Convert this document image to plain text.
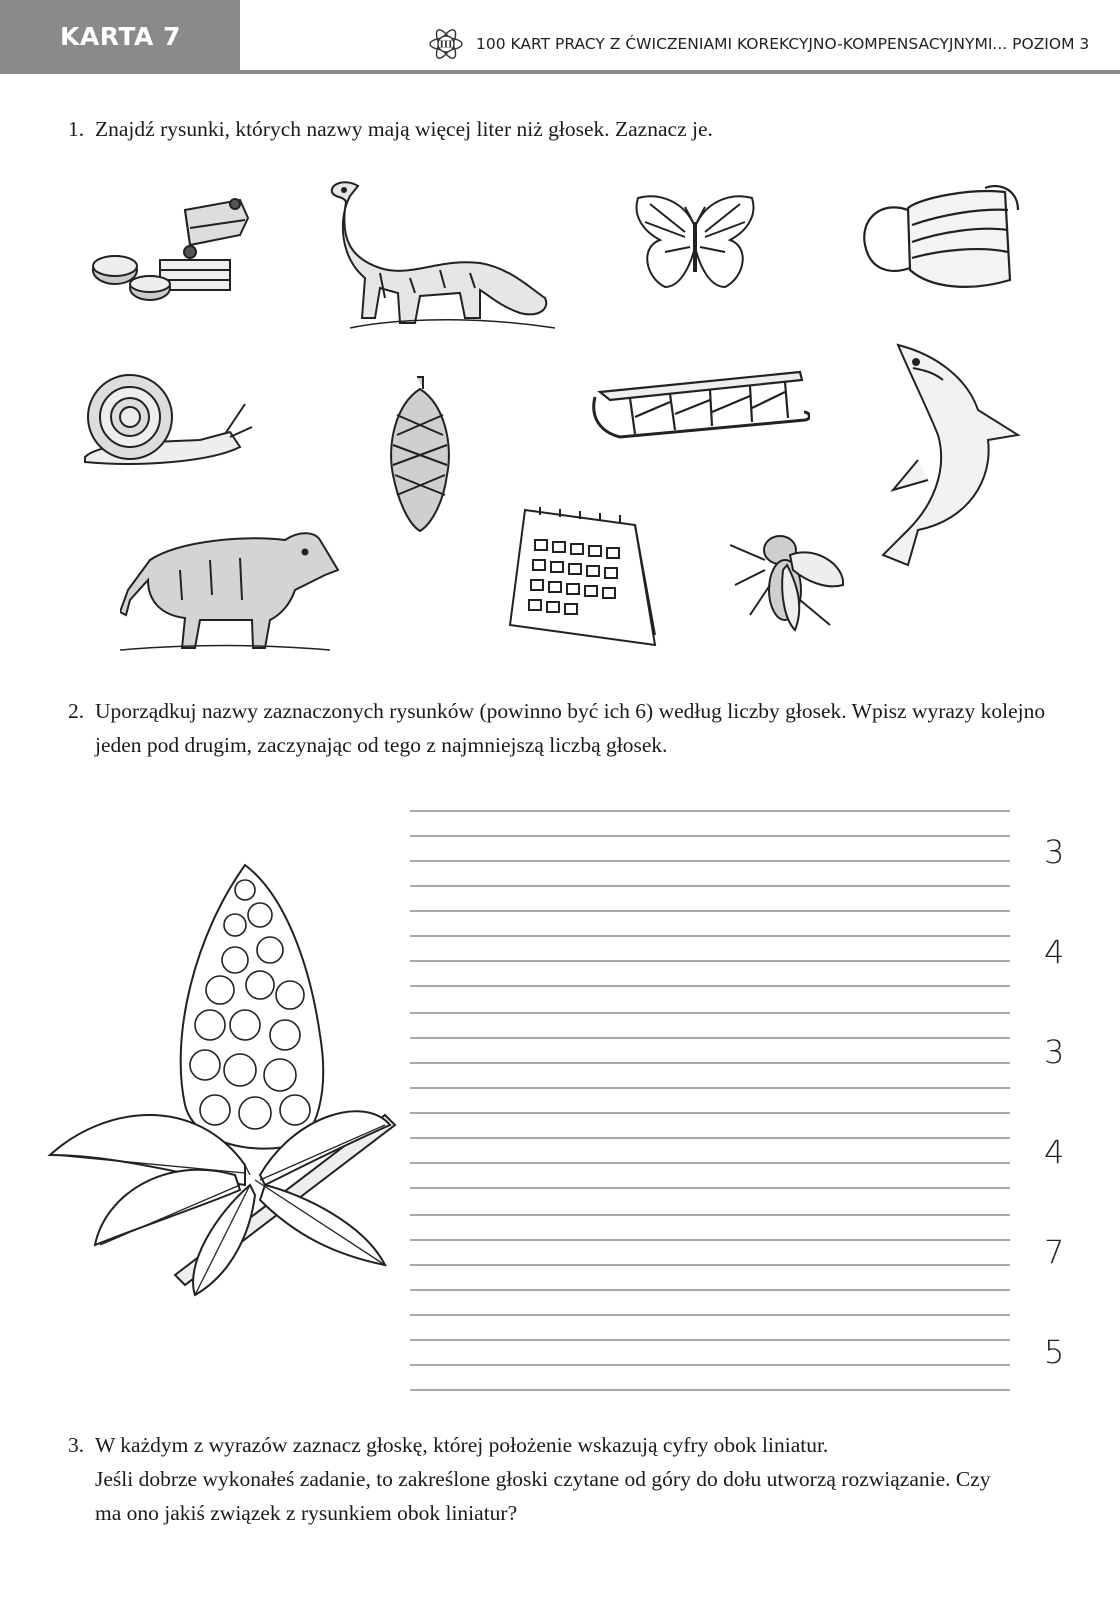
KARTA 7	III 100 KART PRACY Z ĆWICZENIAMI KOREKCYJNO-KOMPENSACYJNYMI... POZIOM 3
1. Znajdź rysunki, których nazwy mają więcej liter niż głosek. Zaznacz je.

2. Uporządkuj nazwy zaznaczonych rysunków (powinno być ich 6) według liczby głosek. Wpisz wyrazy kolejno

jeden pod drugim, zaczynając od tego z najmniejszą liczbą głosek.

3
4
3
4
7
5
3. W każdym z wyrazów zaznacz głoskę, której położenie wskazują cyfry obok liniatur.

Jeśli dobrze wykonałeś zadanie, to zakreślone głoski czytane od góry do dołu utworzą rozwiązanie. Czy

ma ono jakiś związek z rysunkiem obok liniatur?
